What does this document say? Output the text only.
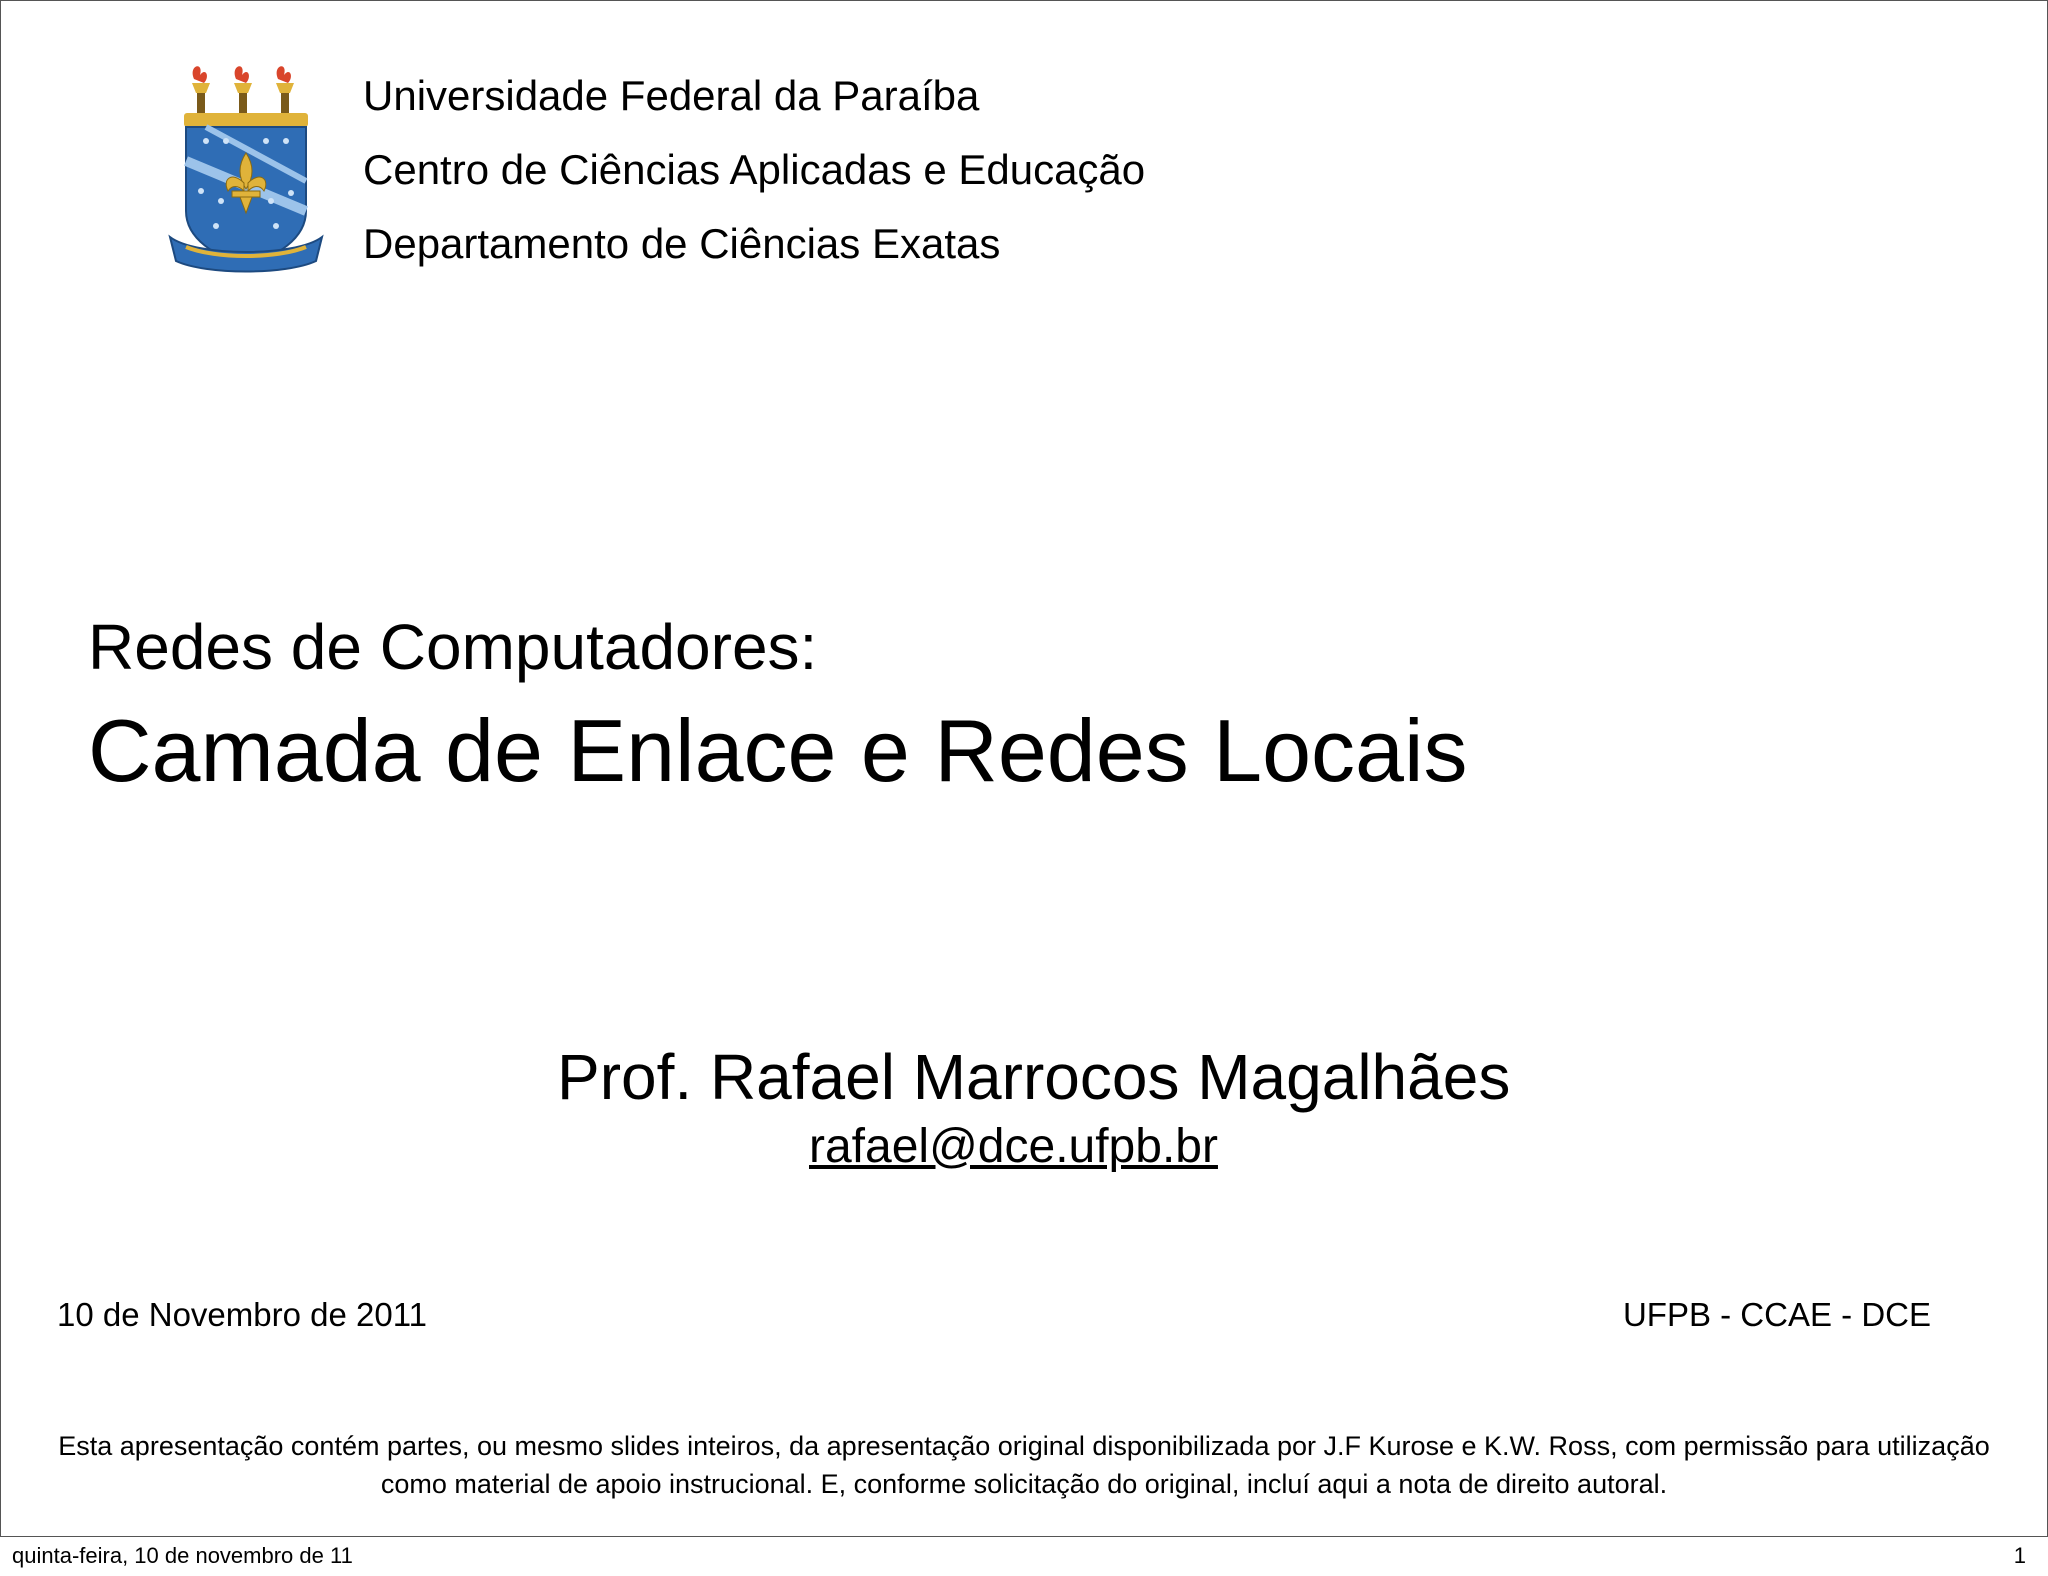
Universidade Federal da Paraíba
Centro de Ciências Aplicadas e Educação
Departamento de Ciências Exatas
Redes de Computadores:
Camada de Enlace e Redes Locais
Prof. Rafael Marrocos Magalhães
rafael@dce.ufpb.br
10 de Novembro de 2011	UFPB - CCAE - DCE
Esta apresentação contém partes, ou mesmo slides inteiros, da apresentação original disponibilizada por J.F Kurose e K.W. Ross, com permissão para utilização como material de apoio instrucional. E, conforme solicitação do original, incluí aqui a nota de direito autoral.
quinta-feira, 10 de novembro de 11	1
